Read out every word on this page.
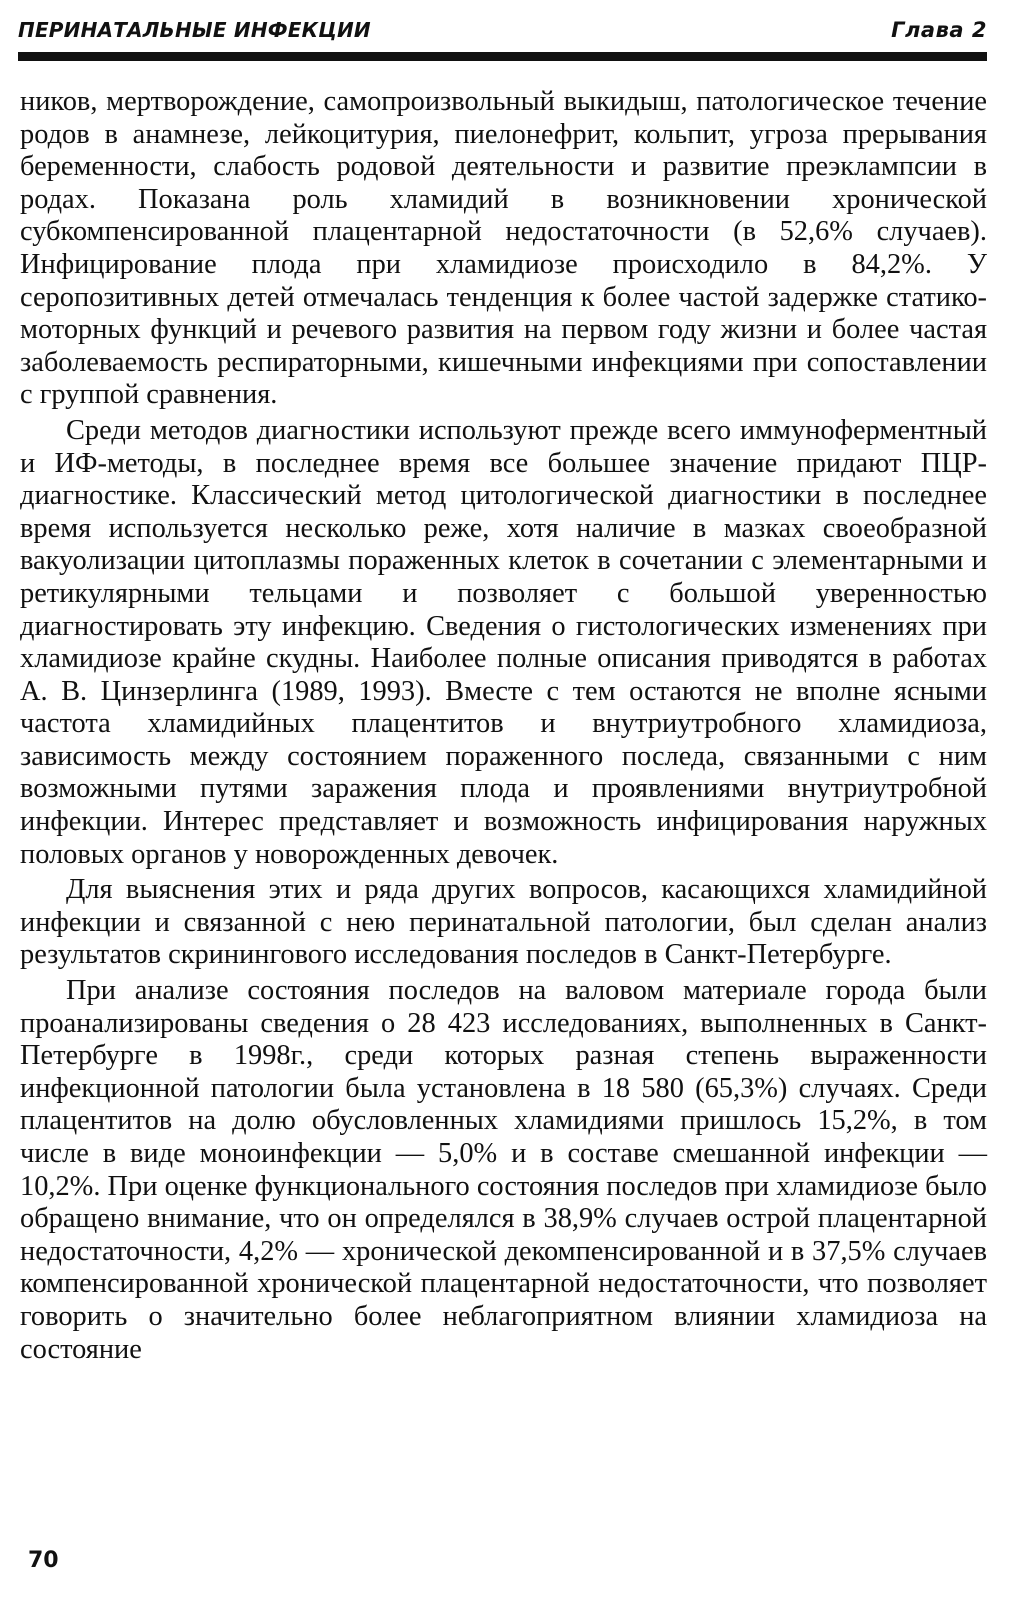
ПЕРИНАТАЛЬНЫЕ ИНФЕКЦИИ	Глава 2

ников, мертворождение, самопроизвольный выкидыш, патологическое течение родов в анамнезе, лейкоцитурия, пиелонефрит, кольпит, угроза прерывания беременности, слабость родовой деятельности и развитие преэклампсии в родах. Показана роль хламидий в возникновении хронической субкомпенсированной плацентарной недостаточности (в 52,6% случаев). Инфицирование плода при хламидиозе происходило в 84,2%. У серопозитивных детей отмечалась тенденция к более частой задержке статико-моторных функций и речевого развития на первом году жизни и более частая заболеваемость респираторными, кишечными инфекциями при сопоставлении с группой сравнения.

Среди методов диагностики используют прежде всего иммуноферментный и ИФ-методы, в последнее время все большее значение придают ПЦР-диагностике. Классический метод цитологической диагностики в последнее время используется несколько реже, хотя наличие в мазках своеобразной вакуолизации цитоплазмы пораженных клеток в сочетании с элементарными и ретикулярными тельцами и позволяет с большой уверенностью диагностировать эту инфекцию. Сведения о гистологических изменениях при хламидиозе крайне скудны. Наиболее полные описания приводятся в работах А. В. Цинзерлинга (1989, 1993). Вместе с тем остаются не вполне ясными частота хламидийных плацентитов и внутриутробного хламидиоза, зависимость между состоянием пораженного последа, связанными с ним возможными путями заражения плода и проявлениями внутриутробной инфекции. Интерес представляет и возможность инфицирования наружных половых органов у новорожденных девочек.

Для выяснения этих и ряда других вопросов, касающихся хламидийной инфекции и связанной с нею перинатальной патологии, был сделан анализ результатов скринингового исследования последов в Санкт-Петербурге.

При анализе состояния последов на валовом материале города были проанализированы сведения о 28 423 исследованиях, выполненных в Санкт-Петербурге в 1998г., среди которых разная степень выраженности инфекционной патологии была установлена в 18 580 (65,3%) случаях. Среди плацентитов на долю обусловленных хламидиями пришлось 15,2%, в том числе в виде моноинфекции — 5,0% и в составе смешанной инфекции — 10,2%. При оценке функционального состояния последов при хламидиозе было обращено внимание, что он определялся в 38,9% случаев острой плацентарной недостаточности, 4,2% — хронической декомпенсированной и в 37,5% случаев компенсированной хронической плацентарной недостаточности, что позволяет говорить о значительно более неблагоприятном влиянии хламидиоза на состояние

70
